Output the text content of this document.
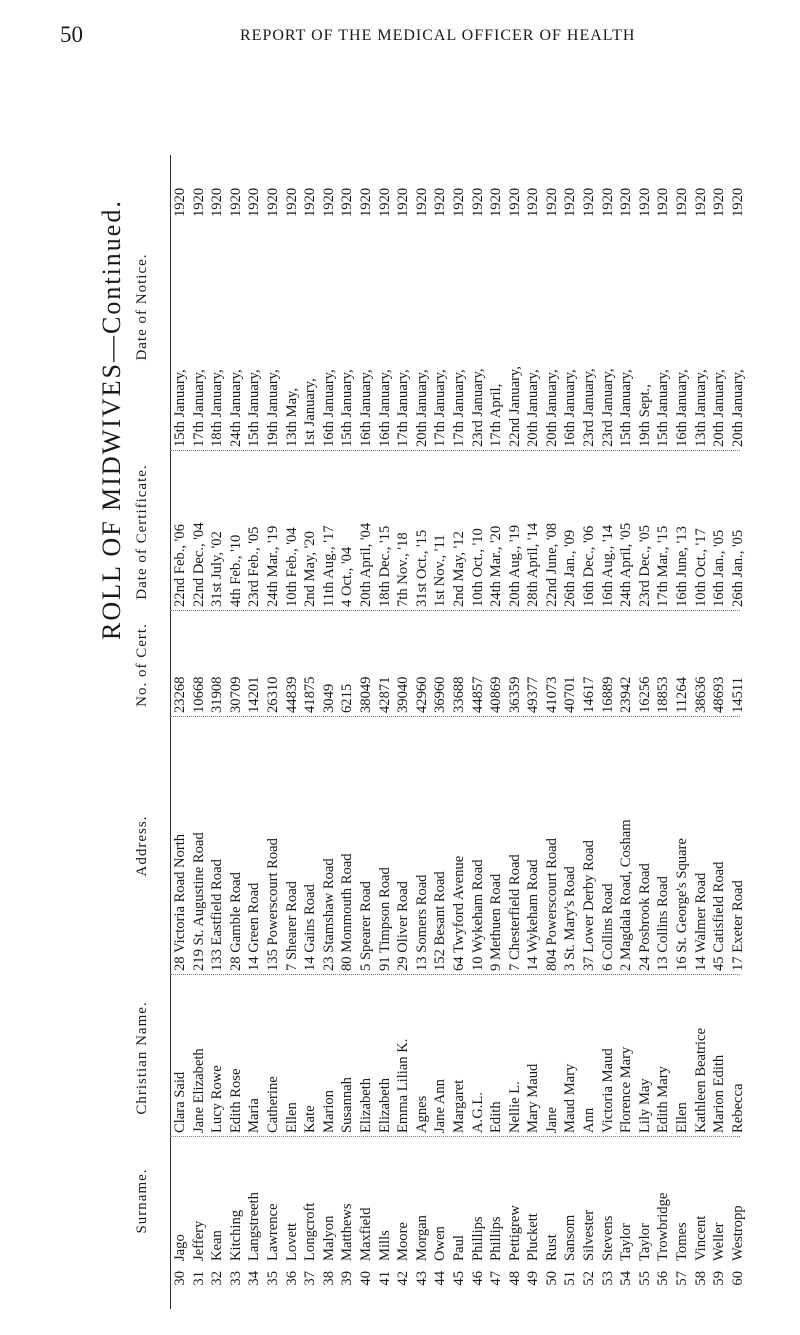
50	REPORT OF THE MEDICAL OFFICER OF HEALTH
ROLL OF MIDWIVES—Continued.
Surname.
Christian Name.
Address.
No. of Cert.
Date of Certificate.
Date of Notice.
30
Jago
Clara Said
28 Victoria Road North
23268
22nd Feb., '06
15th January,
1920
31
Jeffery
Jane Elizabeth
219 St. Augustine Road
10668
22nd Dec., '04
17th January,
1920
32
Kean
Lucy Rowe
133 Eastfield Road
31908
31st July, '02
18th January,
1920
33
Kitching
Edith Rose
28 Gamble Road
30709
4th Feb., '10
24th January,
1920
34
Langstreeth
Maria
14 Green Road
14201
23rd Feb., '05
15th January,
1920
35
Lawrence
Catherine
135 Powerscourt Road
26310
24th Mar., '19
19th January,
1920
36
Lovett
Ellen
7 Shearer Road
44839
10th Feb., '04
13th May,
1920
37
Longcroft
Kate
14 Gains Road
41875
2nd May, '20
1st January,
1920
38
Malyon
Marion
23 Stamshaw Road
3049
11th Aug., '17
16th January,
1920
39
Matthews
Susannah
80 Monmouth Road
6215
4 Oct., '04
15th January,
1920
40
Maxfield
Elizabeth
5 Spearer Road
38049
20th April, '04
16th January,
1920
41
Mills
Elizabeth
91 Timpson Road
42871
18th Dec., '15
16th January,
1920
42
Moore
Emma Lilian K.
29 Oliver Road
39040
7th Nov., '18
17th January,
1920
43
Morgan
Agnes
13 Somers Road
42960
31st Oct., '15
20th January,
1920
44
Owen
Jane Ann
152 Besant Road
36960
1st Nov., '11
17th January,
1920
45
Paul
Margaret
64 Twyford Avenue
33688
2nd May, '12
17th January,
1920
46
Phillips
A.G.L.
10 Wykeham Road
44857
10th Oct., '10
23rd January,
1920
47
Phillips
Edith
9 Methuen Road
40869
24th Mar., '20
17th April,
1920
48
Pettigrew
Nellie L.
7 Chesterfield Road
36359
20th Aug., '19
22nd January,
1920
49
Pluckett
Mary Maud
14 Wykeham Road
49377
28th April, '14
20th January,
1920
50
Rust
Jane
804 Powerscourt Road
41073
22nd June, '08
20th January,
1920
51
Sansom
Maud Mary
3 St. Mary's Road
40701
26th Jan., '09
16th January,
1920
52
Silvester
Ann
37 Lower Derby Road
14617
16th Dec., '06
23rd January,
1920
53
Stevens
Victoria Maud
6 Collins Road
16889
16th Aug., '14
23rd January,
1920
54
Taylor
Florence Mary
2 Magdala Road, Cosham
23942
24th April, '05
15th January,
1920
55
Taylor
Lily May
24 Posbrook Road
16256
23rd Dec., '05
19th Sept.,
1920
56
Trowbridge
Edith Mary
13 Collins Road
18853
17th Mar., '15
15th January,
1920
57
Tomes
Ellen
16 St. George's Square
11264
16th June, '13
16th January,
1920
58
Vincent
Kathleen Beatrice
14 Walmer Road
38636
10th Oct., '17
13th January,
1920
59
Weller
Marion Edith
45 Catisfield Road
48693
16th Jan., '05
20th January,
1920
60
Westropp
Rebecca
17 Exeter Road
14511
26th Jan., '05
20th January,
1920
